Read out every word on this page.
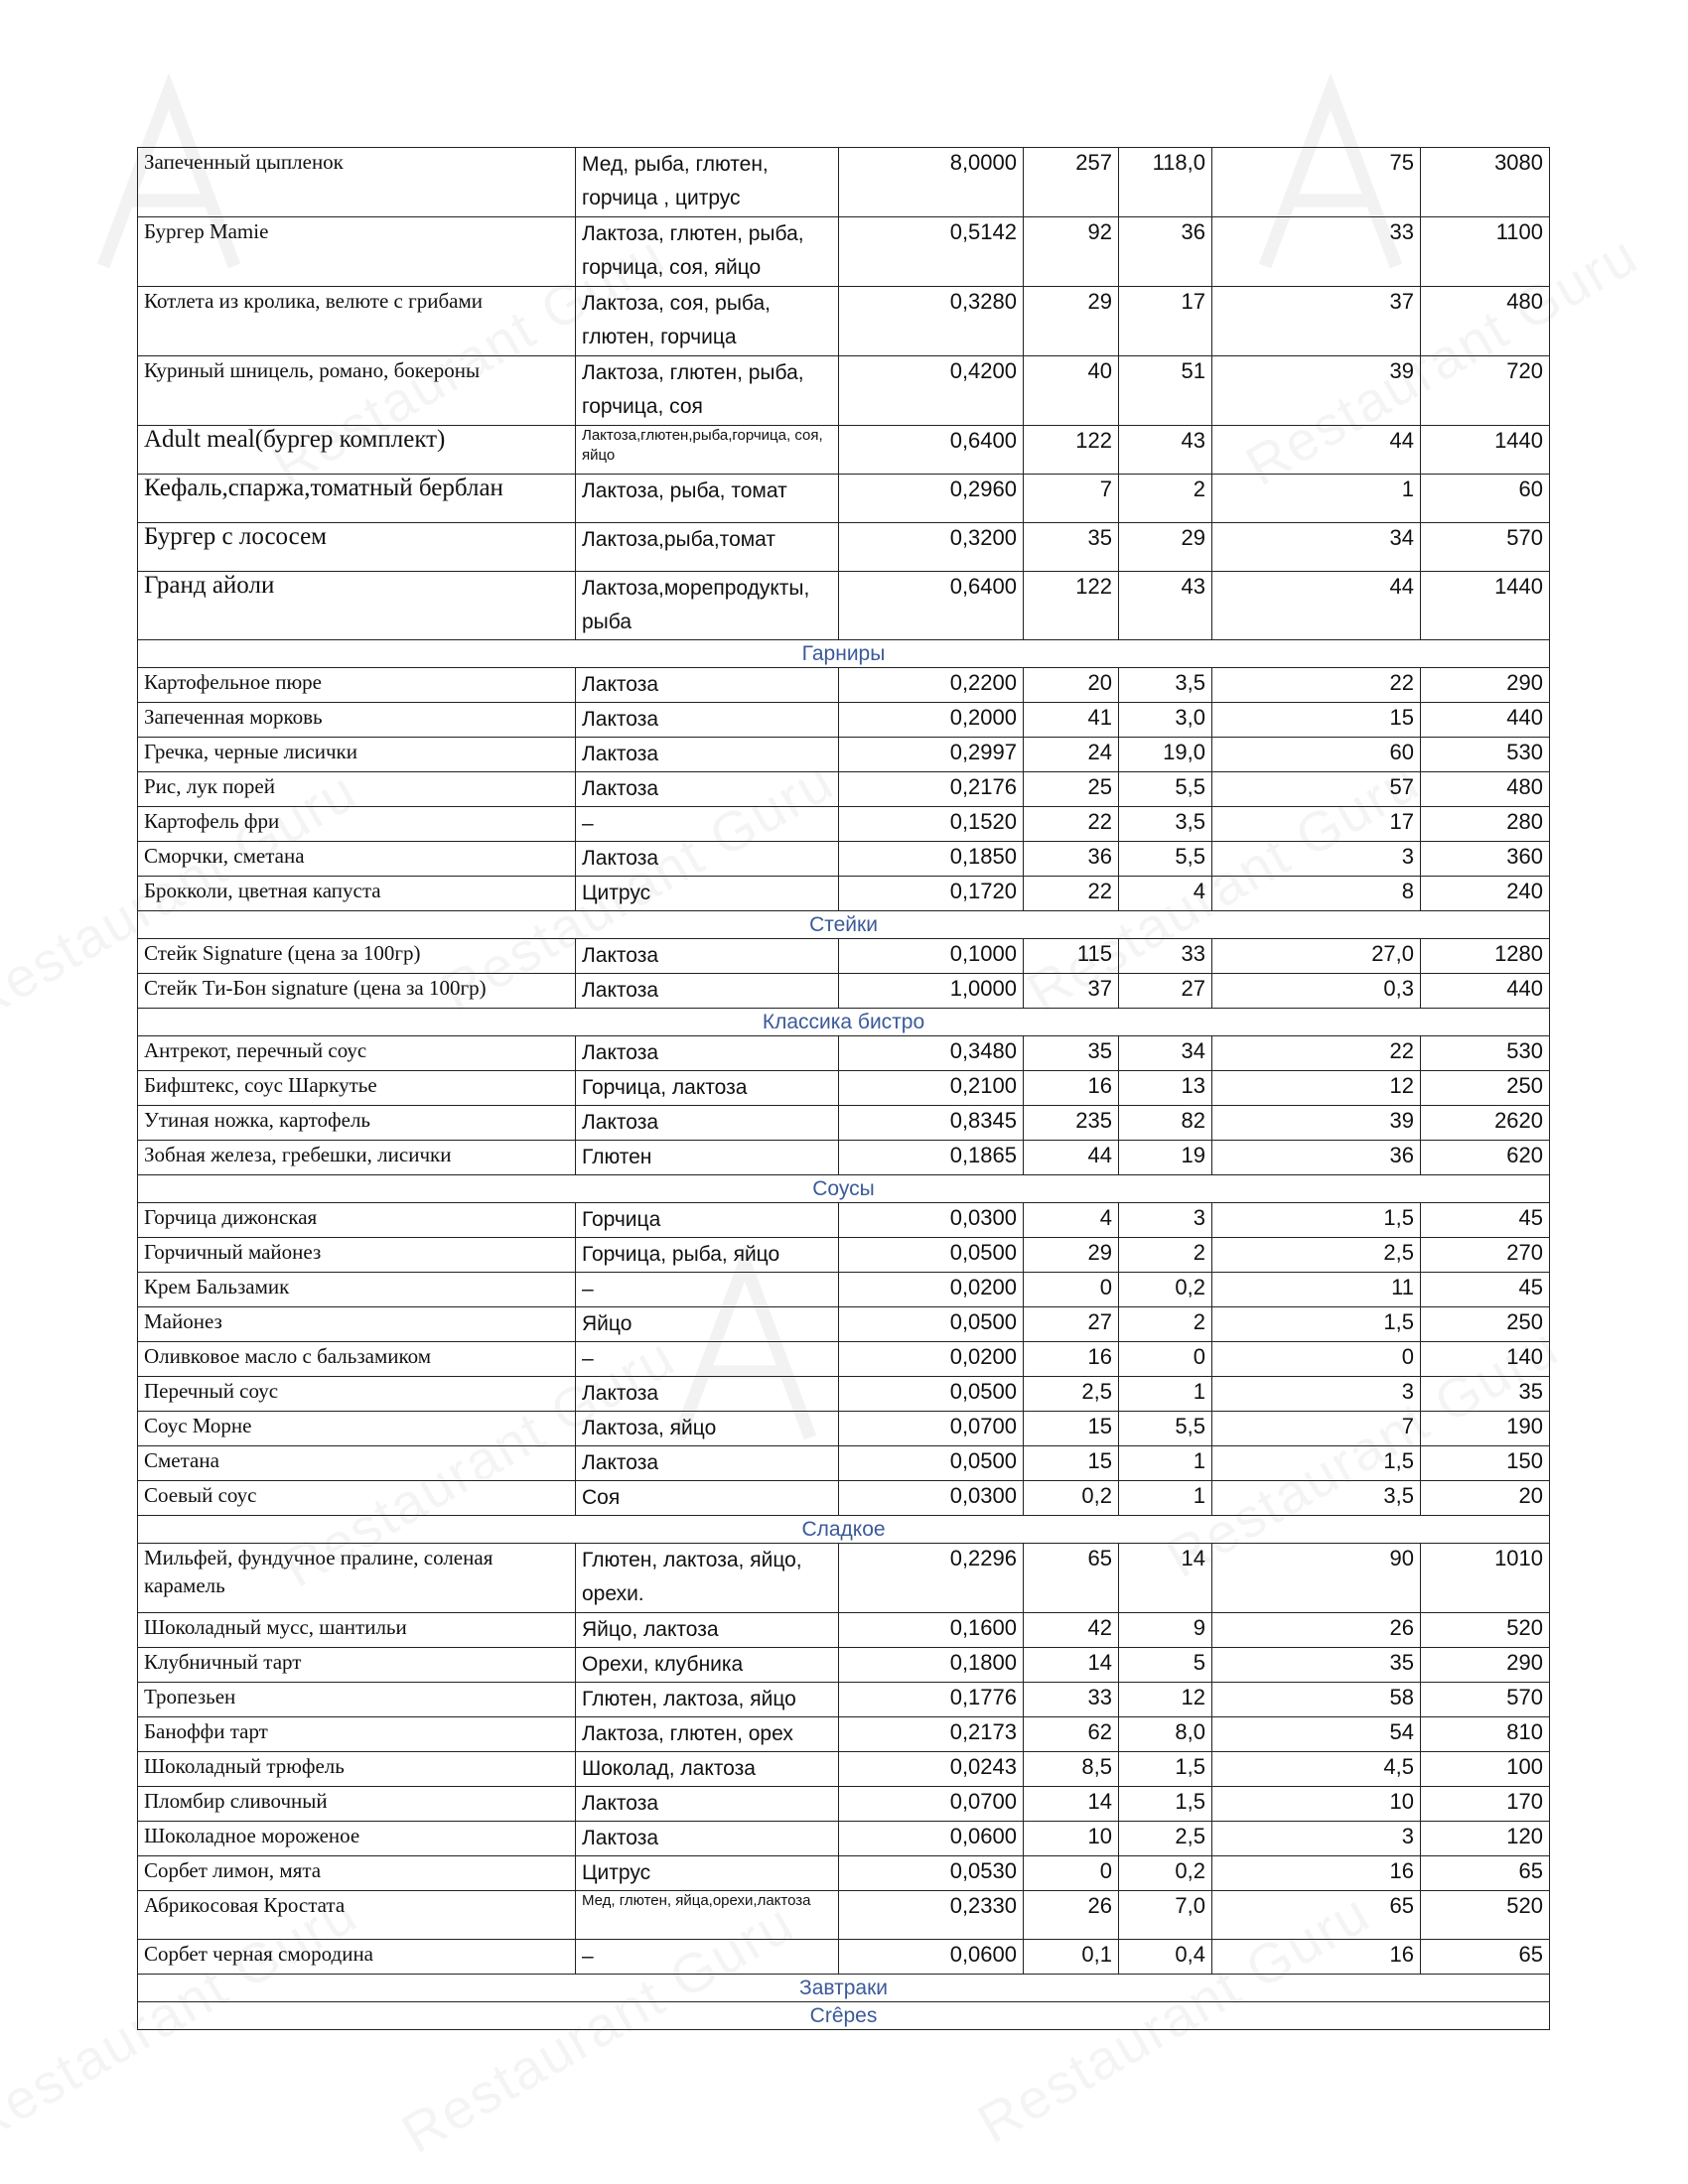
Запеченный цыпленок	Мед, рыба, глютен, горчица , цитрус	8,0000	257	118,0	75	3080	
Бургер Mamie	Лактоза, глютен, рыба, горчица, соя, яйцо	0,5142	92	36	33	1100	
Котлета из кролика, велюте с грибами	Лактоза, соя, рыба, глютен, горчица	0,3280	29	17	37	480	
Куриный шницель, романо, бокероны	Лактоза, глютен, рыба, горчица, соя	0,4200	40	51	39	720	
Adult meal(бургер комплект)	Лактоза,глютен,рыба,горчица, соя, яйцо	0,6400	122	43	44	1440	
Кефаль,спаржа,томатный берблан	Лактоза, рыба, томат	0,2960	7	2	1	60	
Бургер с лососем	Лактоза,рыба,томат	0,3200	35	29	34	570	
Гранд айоли	Лактоза,морепродукты, рыба	0,6400	122	43	44	1440	
Гарниры							
Картофельное пюре	Лактоза	0,2200	20	3,5	22	290	
Запеченная морковь	Лактоза	0,2000	41	3,0	15	440	
Гречка, черные лисички	Лактоза	0,2997	24	19,0	60	530	
Рис, лук порей	Лактоза	0,2176	25	5,5	57	480	
Картофель фри	–	0,1520	22	3,5	17	280	
Сморчки, сметана	Лактоза	0,1850	36	5,5	3	360	
Брокколи, цветная капуста	Цитрус	0,1720	22	4	8	240	
Стейки							
Стейк Signature (цена за 100гр)	Лактоза	0,1000	115	33	27,0	1280	
Стейк Ти-Бон signature (цена за 100гр)	Лактоза	1,0000	37	27	0,3	440	
Классика бистро							
Антрекот, перечный соус	Лактоза	0,3480	35	34	22	530	
Бифштекс, соус Шаркутье	Горчица, лактоза	0,2100	16	13	12	250	
Утиная ножка, картофель	Лактоза	0,8345	235	82	39	2620	
Зобная железа, гребешки, лисички	Глютен	0,1865	44	19	36	620	
Соусы							
Горчица дижонская	Горчица	0,0300	4	3	1,5	45	
Горчичный майонез	Горчица, рыба, яйцо	0,0500	29	2	2,5	270	
Крем Бальзамик	–	0,0200	0	0,2	11	45	
Майонез	Яйцо	0,0500	27	2	1,5	250	
Оливковое масло с бальзамиком	–	0,0200	16	0	0	140	
Перечный соус	Лактоза	0,0500	2,5	1	3	35	
Соус Морне	Лактоза, яйцо	0,0700	15	5,5	7	190	
Сметана	Лактоза	0,0500	15	1	1,5	150	
Соевый соус	Соя	0,0300	0,2	1	3,5	20	
Сладкое							
Мильфей, фундучное пралине, соленая карамель	Глютен, лактоза, яйцо, орехи.	0,2296	65	14	90	1010	
Шоколадный мусс, шантильи	Яйцо, лактоза	0,1600	42	9	26	520	
Клубничный тарт	Орехи, клубника	0,1800	14	5	35	290	
Тропезьен	Глютен, лактоза, яйцо	0,1776	33	12	58	570	
Баноффи тарт	Лактоза, глютен, орех	0,2173	62	8,0	54	810	
Шоколадный трюфель	Шоколад, лактоза	0,0243	8,5	1,5	4,5	100	
Пломбир сливочный	Лактоза	0,0700	14	1,5	10	170	
Шоколадное мороженое	Лактоза	0,0600	10	2,5	3	120	
Сорбет лимон, мята	Цитрус	0,0530	0	0,2	16	65	
Абрикосовая Кростата	Мед, глютен, яйца,орехи,лактоза	0,2330	26	7,0	65	520	
Сорбет черная смородина	–	0,0600	0,1	0,4	16	65	
Завтраки							
Crêpes							
